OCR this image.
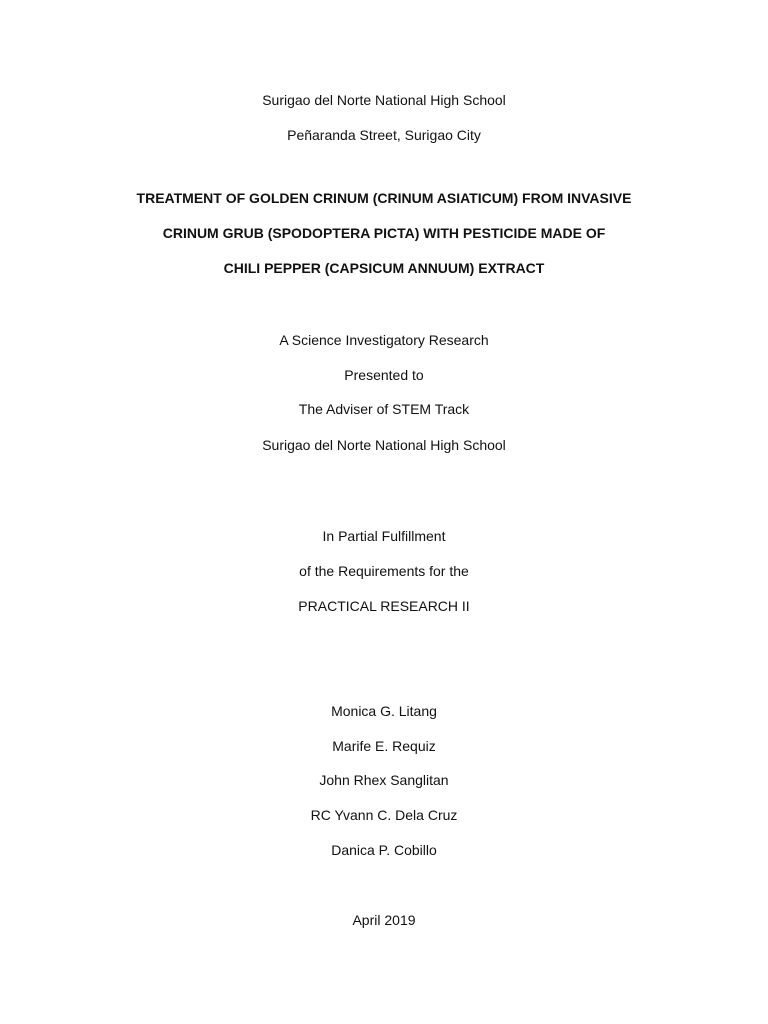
Surigao del Norte National High School
Peñaranda Street, Surigao City
TREATMENT OF GOLDEN CRINUM (CRINUM ASIATICUM) FROM INVASIVE
CRINUM GRUB (SPODOPTERA PICTA) WITH PESTICIDE MADE OF
CHILI PEPPER (CAPSICUM ANNUUM) EXTRACT
A Science Investigatory Research
Presented to
The Adviser of STEM Track
Surigao del Norte National High School
In Partial Fulfillment
of the Requirements for the
PRACTICAL RESEARCH II
Monica G. Litang
Marife E. Requiz
John Rhex Sanglitan
RC Yvann C. Dela Cruz
Danica P. Cobillo
April 2019
